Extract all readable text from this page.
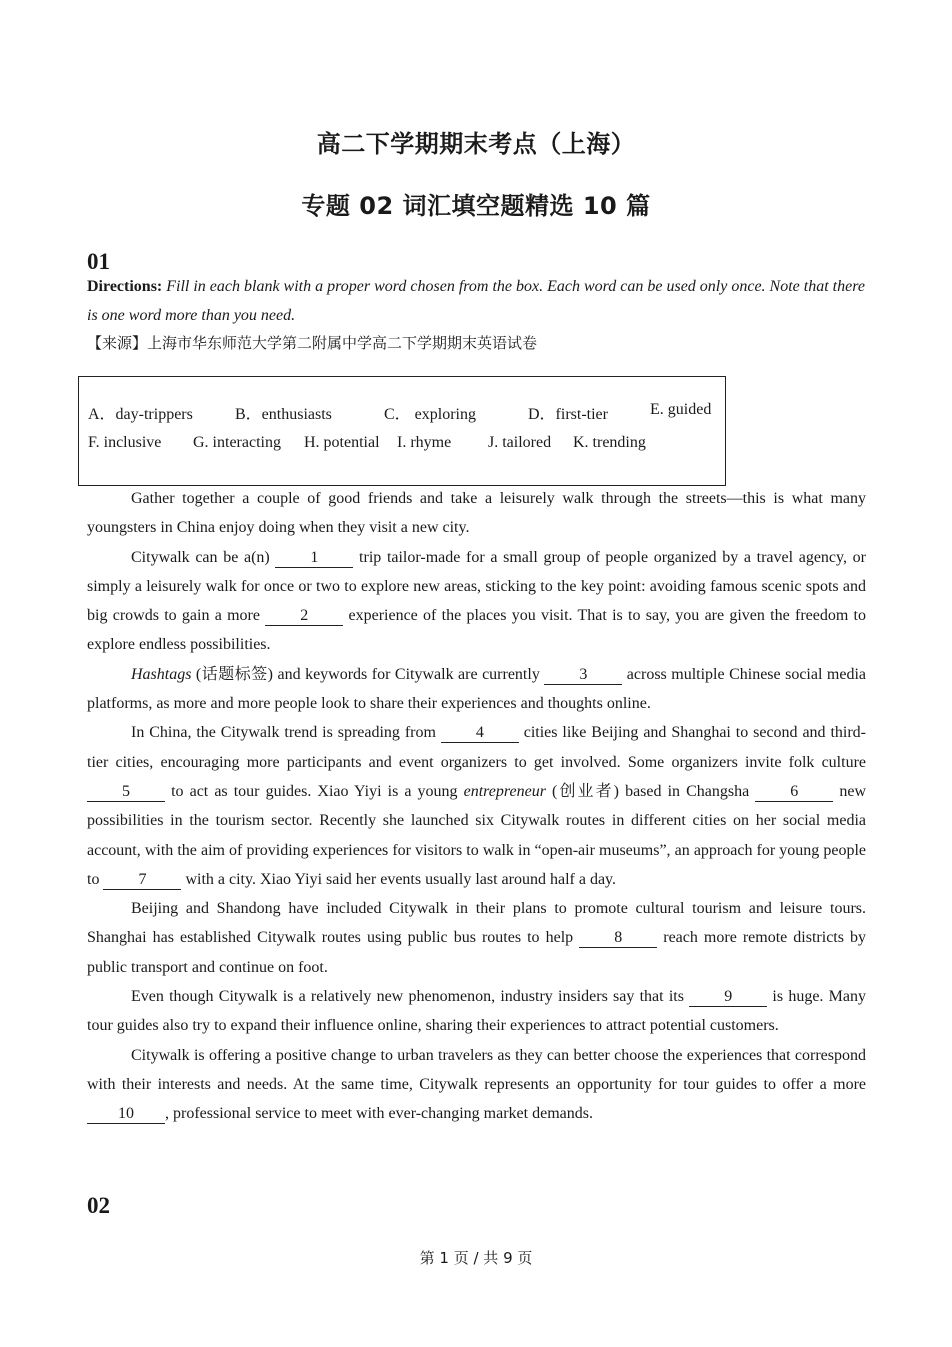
高二下学期期末考点（上海）
专题 02 词汇填空题精选 10 篇
01
Directions: Fill in each blank with a proper word chosen from the box. Each word can be used only once. Note that there is one word more than you need.
【来源】上海市华东师范大学第二附属中学高二下学期期末英语试卷
A．day-trippers	B．enthusiasts	C． exploring	D．first-tier	E. guided
F. inclusive G. interacting H. potential I. rhyme J. tailored K. trending

Gather together a couple of good friends and take a leisurely walk through the streets—this is what many youngsters in China enjoy doing when they visit a new city.

Citywalk can be a(n) 1 trip tailor-made for a small group of people organized by a travel agency, or simply a leisurely walk for once or two to explore new areas, sticking to the key point: avoiding famous scenic spots and big crowds to gain a more 2 experience of the places you visit. That is to say, you are given the freedom to explore endless possibilities.

Hashtags (话题标签) and keywords for Citywalk are currently 3 across multiple Chinese social media platforms, as more and more people look to share their experiences and thoughts online.

In China, the Citywalk trend is spreading from 4 cities like Beijing and Shanghai to second and third-tier cities, encouraging more participants and event organizers to get involved. Some organizers invite folk culture 5 to act as tour guides. Xiao Yiyi is a young entrepreneur (创业者) based in Changsha 6 new possibilities in the tourism sector. Recently she launched six Citywalk routes in different cities on her social media account, with the aim of providing experiences for visitors to walk in “open-air museums”, an approach for young people to 7 with a city. Xiao Yiyi said her events usually last around half a day.

Beijing and Shandong have included Citywalk in their plans to promote cultural tourism and leisure tours. Shanghai has established Citywalk routes using public bus routes to help 8 reach more remote districts by public transport and continue on foot.

Even though Citywalk is a relatively new phenomenon, industry insiders say that its 9 is huge. Many tour guides also try to expand their influence online, sharing their experiences to attract potential customers.

Citywalk is offering a positive change to urban travelers as they can better choose the experiences that correspond with their interests and needs. At the same time, Citywalk represents an opportunity for tour guides to offer a more 10 , professional service to meet with ever-changing market demands.

02
第 1 页 / 共 9 页
